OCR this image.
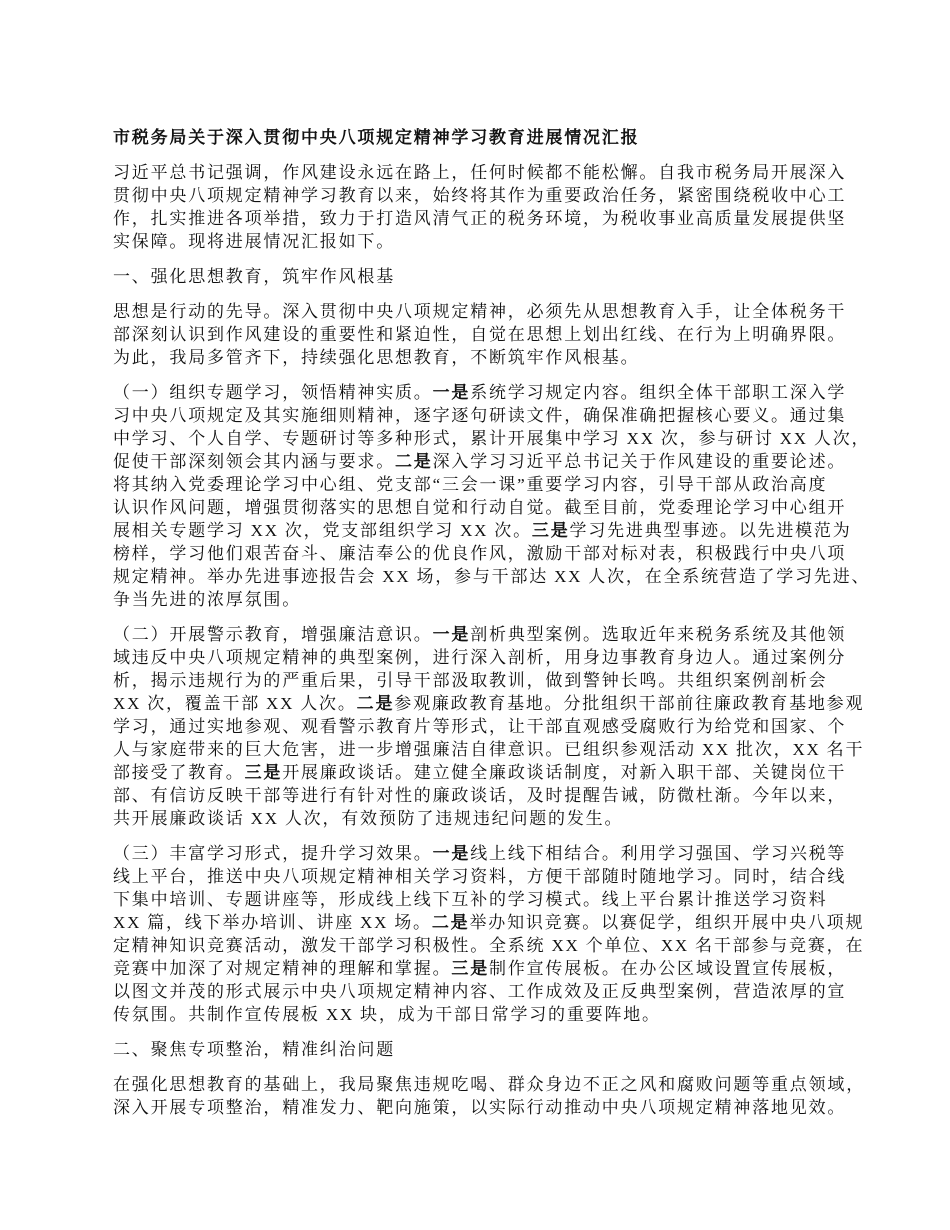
市税务局关于深入贯彻中央八项规定精神学习教育进展情况汇报
习近平总书记强调，作风建设永远在路上，任何时候都不能松懈。自我市税务局开展深入
贯彻中央八项规定精神学习教育以来，始终将其作为重要政治任务，紧密围绕税收中心工
作，扎实推进各项举措，致力于打造风清气正的税务环境，为税收事业高质量发展提供坚
实保障。现将进展情况汇报如下。
一、强化思想教育，筑牢作风根基
思想是行动的先导。深入贯彻中央八项规定精神，必须先从思想教育入手，让全体税务干
部深刻认识到作风建设的重要性和紧迫性，自觉在思想上划出红线、在行为上明确界限。
为此，我局多管齐下，持续强化思想教育，不断筑牢作风根基。
（一）组织专题学习，领悟精神实质。一是系统学习规定内容。组织全体干部职工深入学
习中央八项规定及其实施细则精神，逐字逐句研读文件，确保准确把握核心要义。通过集
中学习、个人自学、专题研讨等多种形式，累计开展集中学习 XX 次，参与研讨 XX 人次，
促使干部深刻领会其内涵与要求。二是深入学习习近平总书记关于作风建设的重要论述。
将其纳入党委理论学习中心组、党支部“三会一课”重要学习内容，引导干部从政治高度
认识作风问题，增强贯彻落实的思想自觉和行动自觉。截至目前，党委理论学习中心组开
展相关专题学习 XX 次，党支部组织学习 XX 次。三是学习先进典型事迹。以先进模范为
榜样，学习他们艰苦奋斗、廉洁奉公的优良作风，激励干部对标对表，积极践行中央八项
规定精神。举办先进事迹报告会 XX 场，参与干部达 XX 人次，在全系统营造了学习先进、
争当先进的浓厚氛围。
（二）开展警示教育，增强廉洁意识。一是剖析典型案例。选取近年来税务系统及其他领
域违反中央八项规定精神的典型案例，进行深入剖析，用身边事教育身边人。通过案例分
析，揭示违规行为的严重后果，引导干部汲取教训，做到警钟长鸣。共组织案例剖析会
XX 次，覆盖干部 XX 人次。二是参观廉政教育基地。分批组织干部前往廉政教育基地参观
学习，通过实地参观、观看警示教育片等形式，让干部直观感受腐败行为给党和国家、个
人与家庭带来的巨大危害，进一步增强廉洁自律意识。已组织参观活动 XX 批次，XX 名干
部接受了教育。三是开展廉政谈话。建立健全廉政谈话制度，对新入职干部、关键岗位干
部、有信访反映干部等进行有针对性的廉政谈话，及时提醒告诫，防微杜渐。今年以来，
共开展廉政谈话 XX 人次，有效预防了违规违纪问题的发生。
（三）丰富学习形式，提升学习效果。一是线上线下相结合。利用学习强国、学习兴税等
线上平台，推送中央八项规定精神相关学习资料，方便干部随时随地学习。同时，结合线
下集中培训、专题讲座等，形成线上线下互补的学习模式。线上平台累计推送学习资料
XX 篇，线下举办培训、讲座 XX 场。二是举办知识竞赛。以赛促学，组织开展中央八项规
定精神知识竞赛活动，激发干部学习积极性。全系统 XX 个单位、XX 名干部参与竞赛，在
竞赛中加深了对规定精神的理解和掌握。三是制作宣传展板。在办公区域设置宣传展板，
以图文并茂的形式展示中央八项规定精神内容、工作成效及正反典型案例，营造浓厚的宣
传氛围。共制作宣传展板 XX 块，成为干部日常学习的重要阵地。
二、聚焦专项整治，精准纠治问题
在强化思想教育的基础上，我局聚焦违规吃喝、群众身边不正之风和腐败问题等重点领域，
深入开展专项整治，精准发力、靶向施策，以实际行动推动中央八项规定精神落地见效。
